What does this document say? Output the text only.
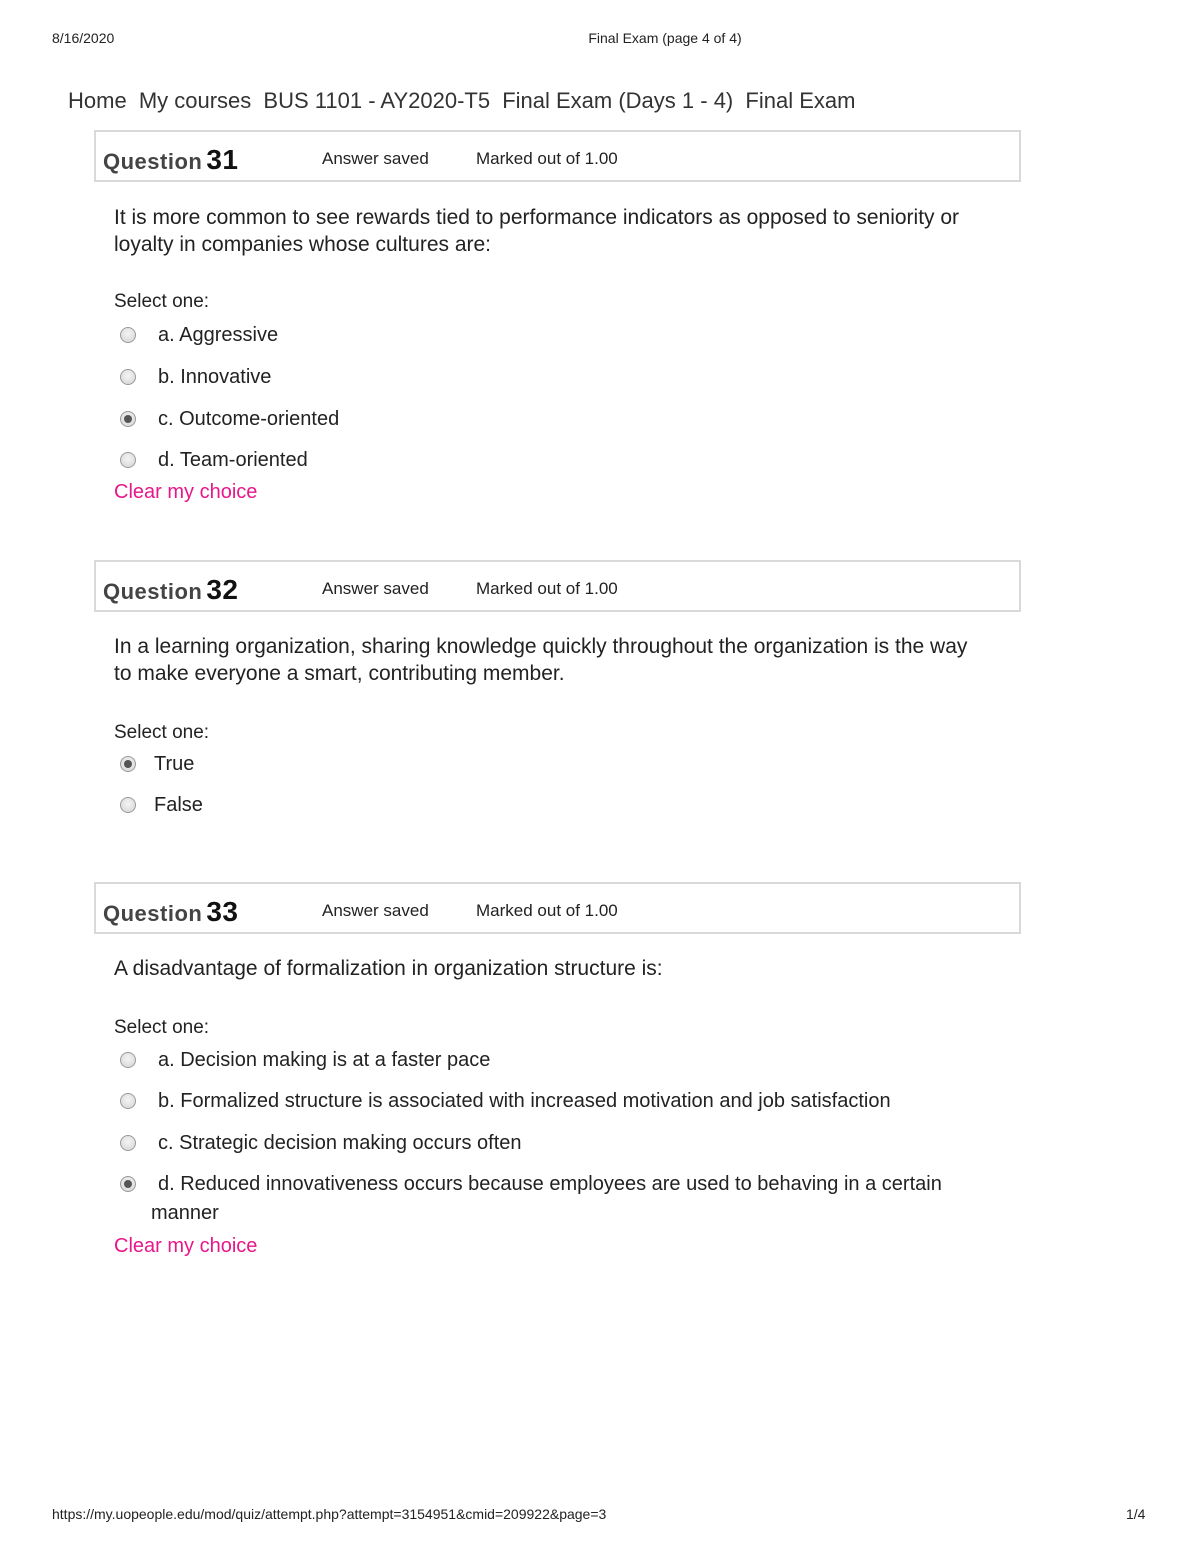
8/16/2020	Final Exam (page 4 of 4)
Home My courses BUS 1101 - AY2020-T5 Final Exam (Days 1 - 4) Final Exam
Question 31	Answer saved	Marked out of 1.00
It is more common to see rewards tied to performance indicators as opposed to seniority or loyalty in companies whose cultures are:
Select one:
a. Aggressive
b. Innovative
c. Outcome-oriented
d. Team-oriented
Clear my choice
Question 32	Answer saved	Marked out of 1.00
In a learning organization, sharing knowledge quickly throughout the organization is the way to make everyone a smart, contributing member.
Select one:
True
False
Question 33	Answer saved	Marked out of 1.00
A disadvantage of formalization in organization structure is:
Select one:
a. Decision making is at a faster pace
b. Formalized structure is associated with increased motivation and job satisfaction
c. Strategic decision making occurs often
d. Reduced innovativeness occurs because employees are used to behaving in a certain
manner
Clear my choice
https://my.uopeople.edu/mod/quiz/attempt.php?attempt=3154951&cmid=209922&page=3	1/4
